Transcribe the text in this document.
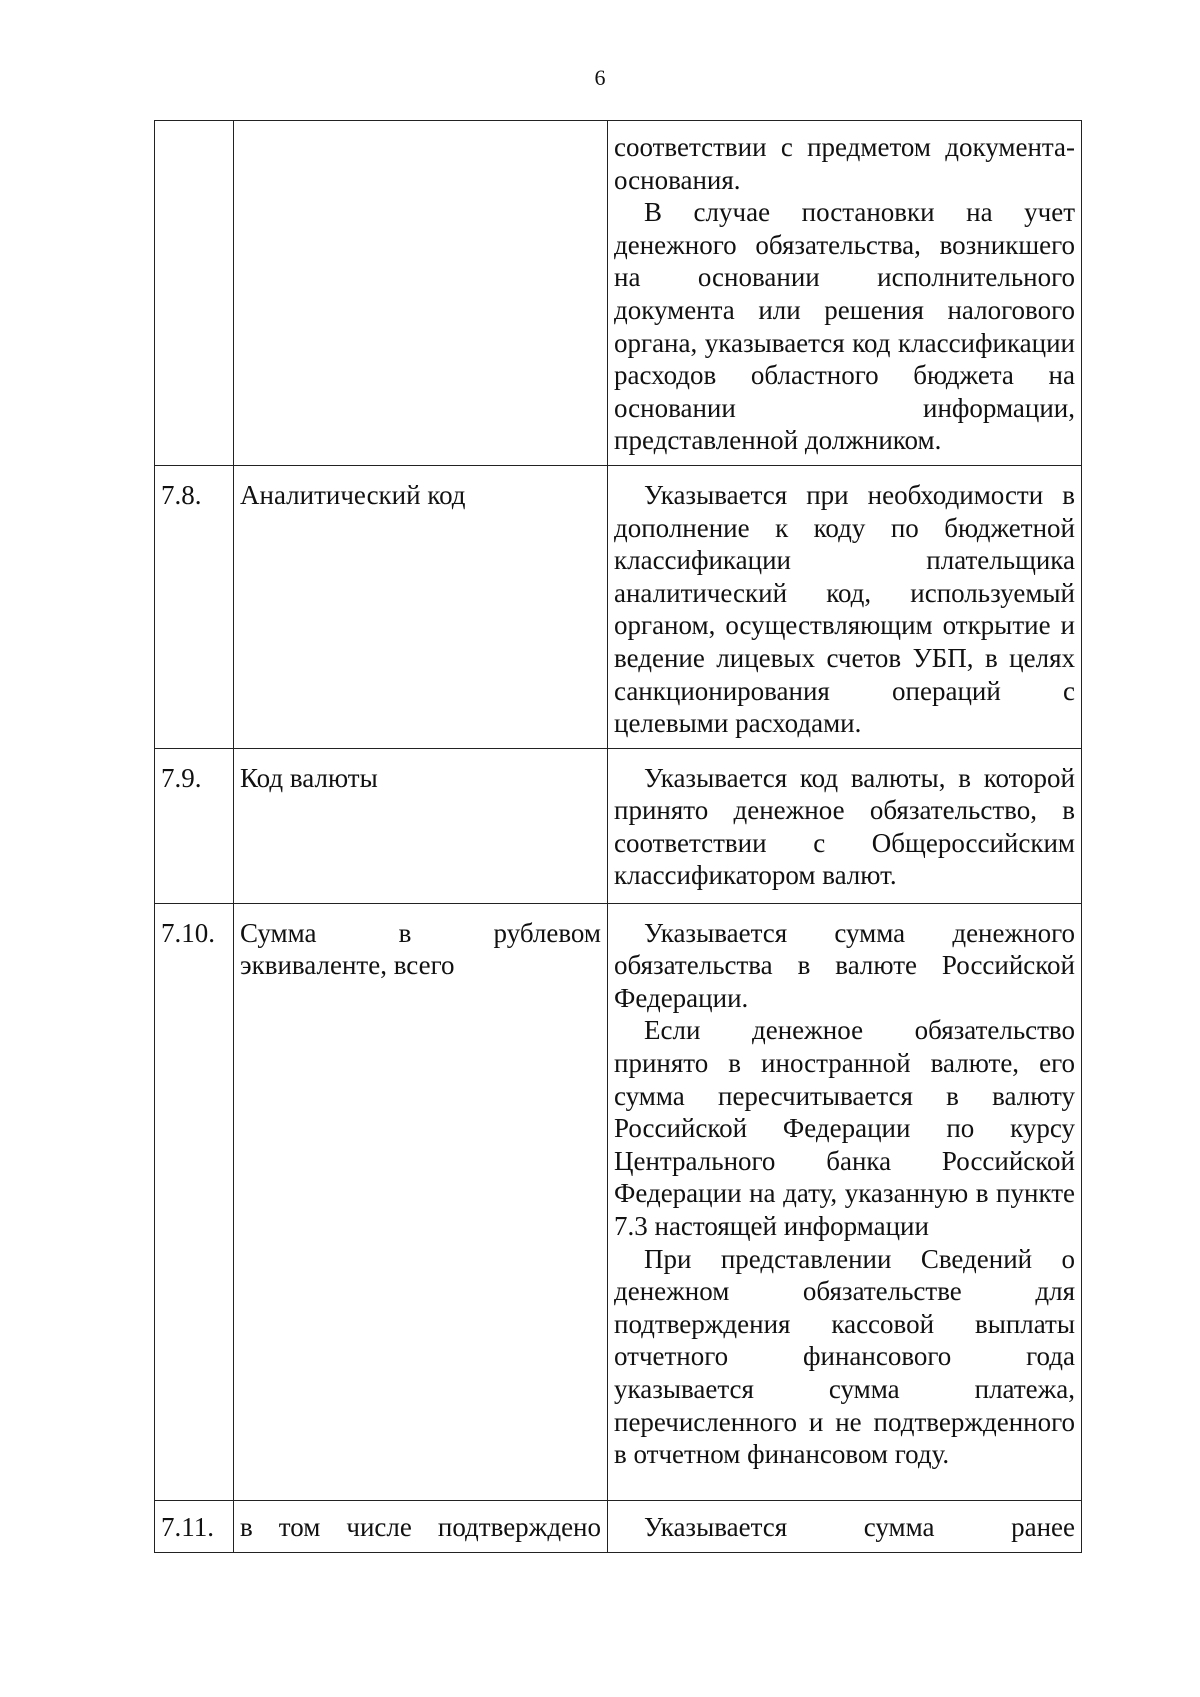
6

		соответствии с предметом документа-основания.

В случае постановки на учет денежного обязательства, возникшего на основании исполнительного документа или решения налогового органа, указывается код классификации расходов областного бюджета на основании информации, представленной должником.

7.8.	Аналитический код	Указывается при необходимости в дополнение к коду по бюджетной классификации плательщика аналитический код, используемый органом, осуществляющим открытие и ведение лицевых счетов УБП, в целях санкционирования операций с целевыми расходами.

7.9.	Код валюты	Указывается код валюты, в которой принято денежное обязательство, в соответствии с Общероссийским классификатором валют.

7.10.	Сумма в рублевом эквиваленте, всего	Указывается сумма денежного обязательства в валюте Российской Федерации.

Если денежное обязательство принято в иностранной валюте, его сумма пересчитывается в валюту Российской Федерации по курсу Центрального банка Российской Федерации на дату, указанную в пункте 7.3 настоящей информации

При представлении Сведений о денежном обязательстве для подтверждения кассовой выплаты отчетного финансового года указывается сумма платежа, перечисленного и не подтвержденного в отчетном финансовом году.

7.11.	в том числе подтверждено	Указывается сумма ранее
